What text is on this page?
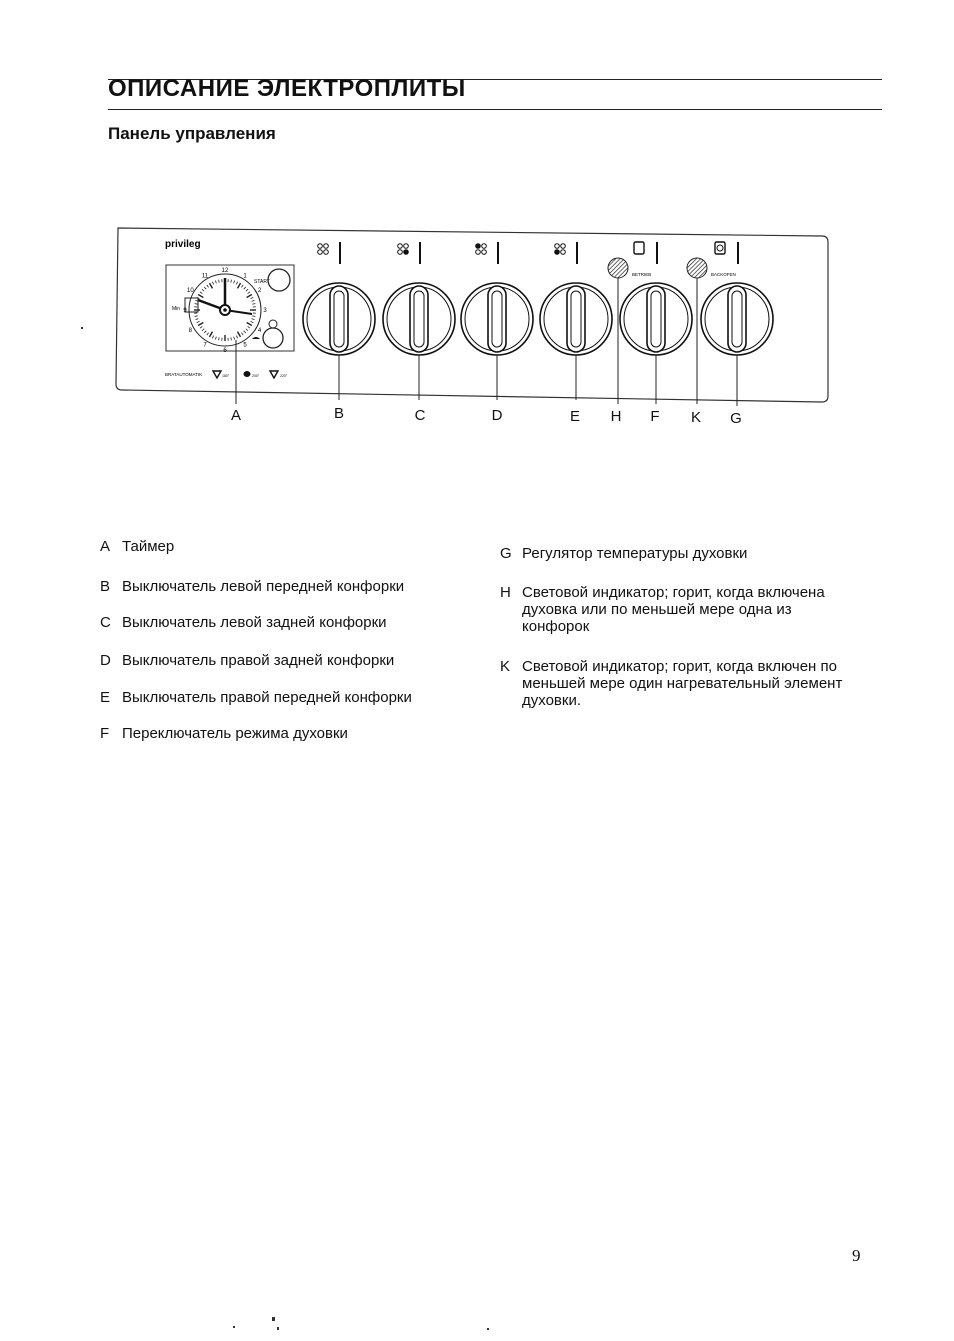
ОПИСАНИЕ ЭЛЕКТРОПЛИТЫ
Панель управления
privileg
12
1
2
3
4
5
6
7
8
9
10
11
Min
START
BRATAUTOMATIK	180°	200°	220°
BETRIEB	BACKOFEN
A	B	C	D	E H F K G
A Таймер
B Выключатель левой передней конфорки
C Выключатель левой задней конфорки
D Выключатель правой задней конфорки
E Выключатель правой передней конфорки
F Переключатель режима духовки
G Регулятор температуры духовки
H Световой индикатор; горит, когда включена
духовка или по меньшей мере одна из
конфорок
K Световой индикатор; горит, когда включен по
меньшей мере один нагревательный элемент
духовки.
9
